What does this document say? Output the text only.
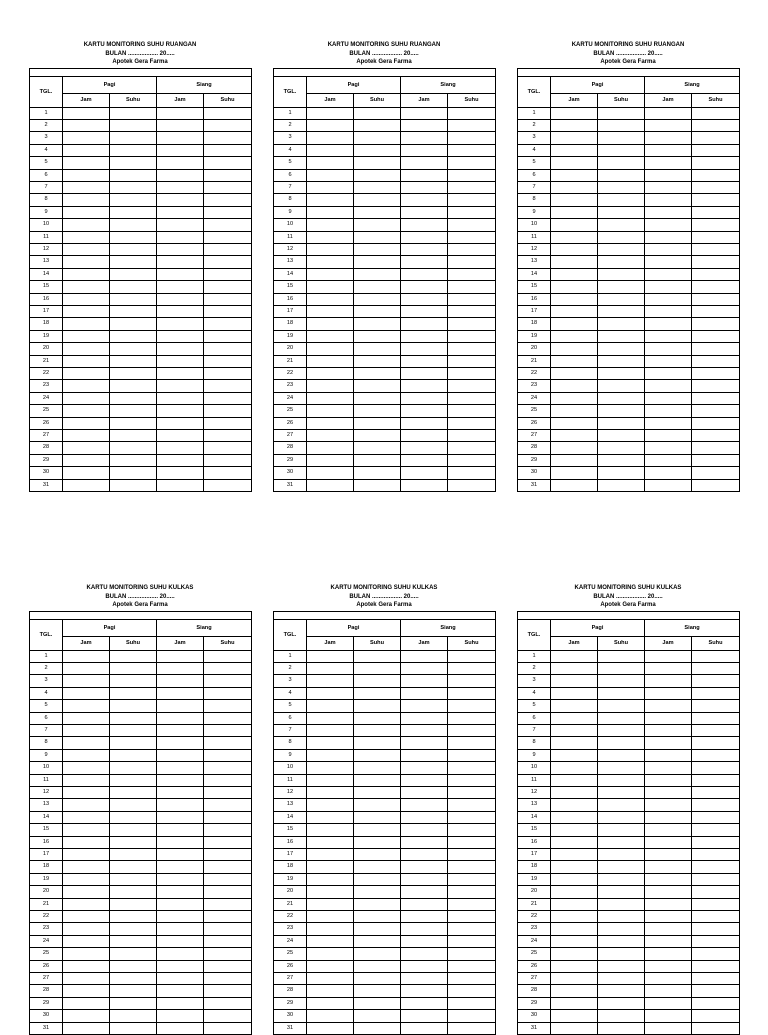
KARTU MONITORING SUHU RUANGAN
BULAN .................. 20.....
Apotek Gera Farma

TGL.	Pagi		Siang	
	Jam	Suhu	Jam	Suhu
1				
2				
3				
4				
5				
6				
7				
8				
9				
10				
11				
12				
13				
14				
15				
16				
17				
18				
19				
20				
21				
22				
23				
24				
25				
26				
27				
28				
29				
30				
31				
KARTU MONITORING SUHU RUANGAN
BULAN .................. 20.....
Apotek Gera Farma

TGL.	Pagi		Siang	
	Jam	Suhu	Jam	Suhu
1				
2				
3				
4				
5				
6				
7				
8				
9				
10				
11				
12				
13				
14				
15				
16				
17				
18				
19				
20				
21				
22				
23				
24				
25				
26				
27				
28				
29				
30				
31				
KARTU MONITORING SUHU RUANGAN
BULAN .................. 20.....
Apotek Gera Farma

TGL.	Pagi		Siang	
	Jam	Suhu	Jam	Suhu
1				
2				
3				
4				
5				
6				
7				
8				
9				
10				
11				
12				
13				
14				
15				
16				
17				
18				
19				
20				
21				
22				
23				
24				
25				
26				
27				
28				
29				
30				
31				
KARTU MONITORING SUHU KULKAS
BULAN .................. 20.....
Apotek Gera Farma

TGL.	Pagi		Siang	
	Jam	Suhu	Jam	Suhu
1				
2				
3				
4				
5				
6				
7				
8				
9				
10				
11				
12				
13				
14				
15				
16				
17				
18				
19				
20				
21				
22				
23				
24				
25				
26				
27				
28				
29				
30				
31				
KARTU MONITORING SUHU KULKAS
BULAN .................. 20.....
Apotek Gera Farma

TGL.	Pagi		Siang	
	Jam	Suhu	Jam	Suhu
1				
2				
3				
4				
5				
6				
7				
8				
9				
10				
11				
12				
13				
14				
15				
16				
17				
18				
19				
20				
21				
22				
23				
24				
25				
26				
27				
28				
29				
30				
31				
KARTU MONITORING SUHU KULKAS
BULAN .................. 20.....
Apotek Gera Farma

TGL.	Pagi		Siang	
	Jam	Suhu	Jam	Suhu
1				
2				
3				
4				
5				
6				
7				
8				
9				
10				
11				
12				
13				
14				
15				
16				
17				
18				
19				
20				
21				
22				
23				
24				
25				
26				
27				
28				
29				
30				
31				
